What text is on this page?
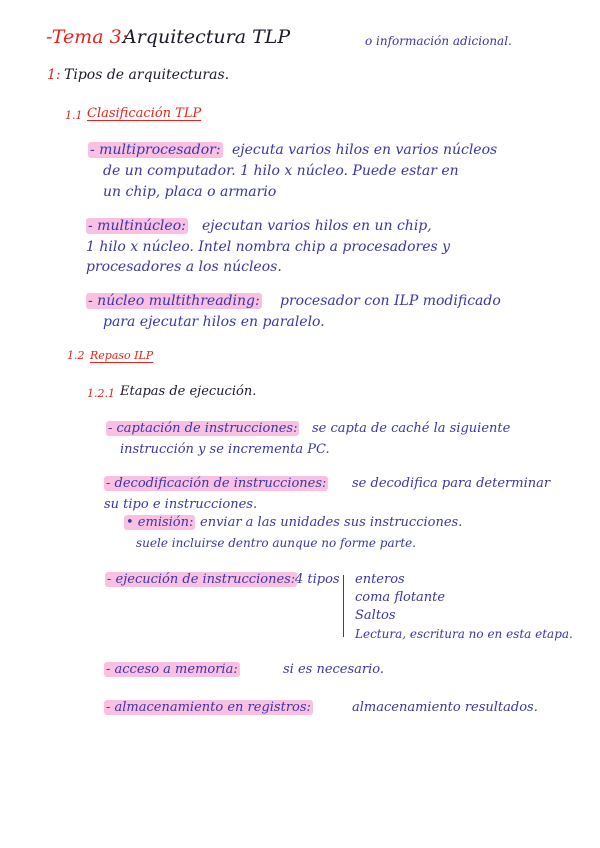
-Tema 3:
Arquitectura TLP	o información adicional.
1: Tipos de arquitecturas.
1.1 Clasificación TLP
- multiprocesador: ejecuta varios hilos en varios núcleos
de un computador. 1 hilo x núcleo. Puede estar en
un chip, placa o armario
- multinúcleo: ejecutan varios hilos en un chip,
1 hilo x núcleo. Intel nombra chip a procesadores y
procesadores a los núcleos.
- núcleo multithreading: procesador con ILP modificado
para ejecutar hilos en paralelo.
1.2 Repaso ILP
1.2.1 Etapas de ejecución.
- captación de instrucciones: se capta de caché la siguiente
instrucción y se incrementa PC.
- decodificación de instrucciones: se decodifica para determinar
su tipo e instrucciones.
• emisión: enviar a las unidades sus instrucciones.
suele incluirse dentro aunque no forme parte.
- ejecución de instrucciones: 4 tipos enteros
coma flotante
Saltos
Lectura, escritura no en esta etapa.
- acceso a memoria:	si es necesario.
- almacenamiento en registros:	almacenamiento resultados.
